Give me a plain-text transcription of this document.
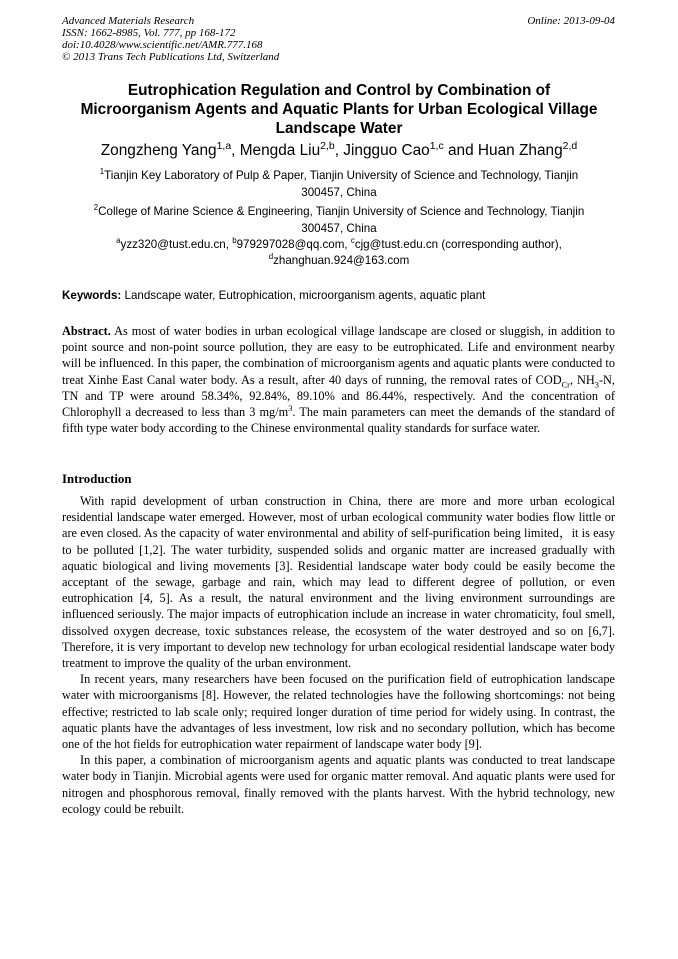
Advanced Materials Research
ISSN: 1662-8985, Vol. 777, pp 168-172
doi:10.4028/www.scientific.net/AMR.777.168
© 2013 Trans Tech Publications Ltd, Switzerland
Online: 2013-09-04
Eutrophication Regulation and Control by Combination of
Microorganism Agents and Aquatic Plants for Urban Ecological Village
Landscape Water
Zongzheng Yang$^{1,a}$, Mengda Liu$^{2,b}$, Jingguo Cao$^{1,c}$ and Huan Zhang$^{2,d}$
$^1$Tianjin Key Laboratory of Pulp & Paper, Tianjin University of Science and Technology, Tianjin
300457, China
$^2$College of Marine Science & Engineering, Tianjin University of Science and Technology, Tianjin
300457, China
$^a$yzz320@tust.edu.cn, $^b$979297028@qq.com, $^c$cjg@tust.edu.cn (corresponding author),
$^d$zhanghuan.924@163.com
Keywords: Landscape water, Eutrophication, microorganism agents, aquatic plant
Abstract. As most of water bodies in urban ecological village landscape are closed or sluggish, in addition to point source and non-point source pollution, they are easy to be eutrophicated. Life and environment nearby will be influenced. In this paper, the combination of microorganism agents and aquatic plants were conducted to treat Xinhe East Canal water body. As a result, after 40 days of running, the removal rates of $COD_{Cr}$, $NH_3-N$, TN and TP were around 58.34%, 92.84%, 89.10% and 86.44%, respectively. And the concentration of Chlorophyll a decreased to less than 3 $mg/m^3$. The main parameters can meet the demands of the standard of fifth type water body according to the Chinese environmental quality standards for surface water.
Introduction

With rapid development of urban construction in China, there are more and more urban ecological residential landscape water emerged. However, most of urban ecological community water bodies flow little or are even closed. As the capacity of water environmental and ability of self-purification being limited，it is easy to be polluted [1,2]. The water turbidity, suspended solids and organic matter are increased gradually with aquatic biological and living movements [3]. Residential landscape water body could be easily become the acceptant of the sewage, garbage and rain, which may lead to different degree of pollution, or even eutrophication [4, 5]. As a result, the natural environment and the living environment surroundings are influenced seriously. The major impacts of eutrophication include an increase in water chromaticity, foul smell, dissolved oxygen decrease, toxic substances release, the ecosystem of the water destroyed and so on [6,7]. Therefore, it is very important to develop new technology for urban ecological residential landscape water body treatment to improve the quality of the urban environment.

In recent years, many researchers have been focused on the purification field of eutrophication landscape water with microorganisms [8]. However, the related technologies have the following shortcomings: not being effective; restricted to lab scale only; required longer duration of time period for widely using. In contrast, the aquatic plants have the advantages of less investment, low risk and no secondary pollution, which has become one of the hot fields for eutrophication water repairment of landscape water body [9].

In this paper, a combination of microorganism agents and aquatic plants was conducted to treat landscape water body in Tianjin. Microbial agents were used for organic matter removal. And aquatic plants were used for nitrogen and phosphorous removal, finally removed with the plants harvest. With the hybrid technology, new ecology could be rebuilt.
